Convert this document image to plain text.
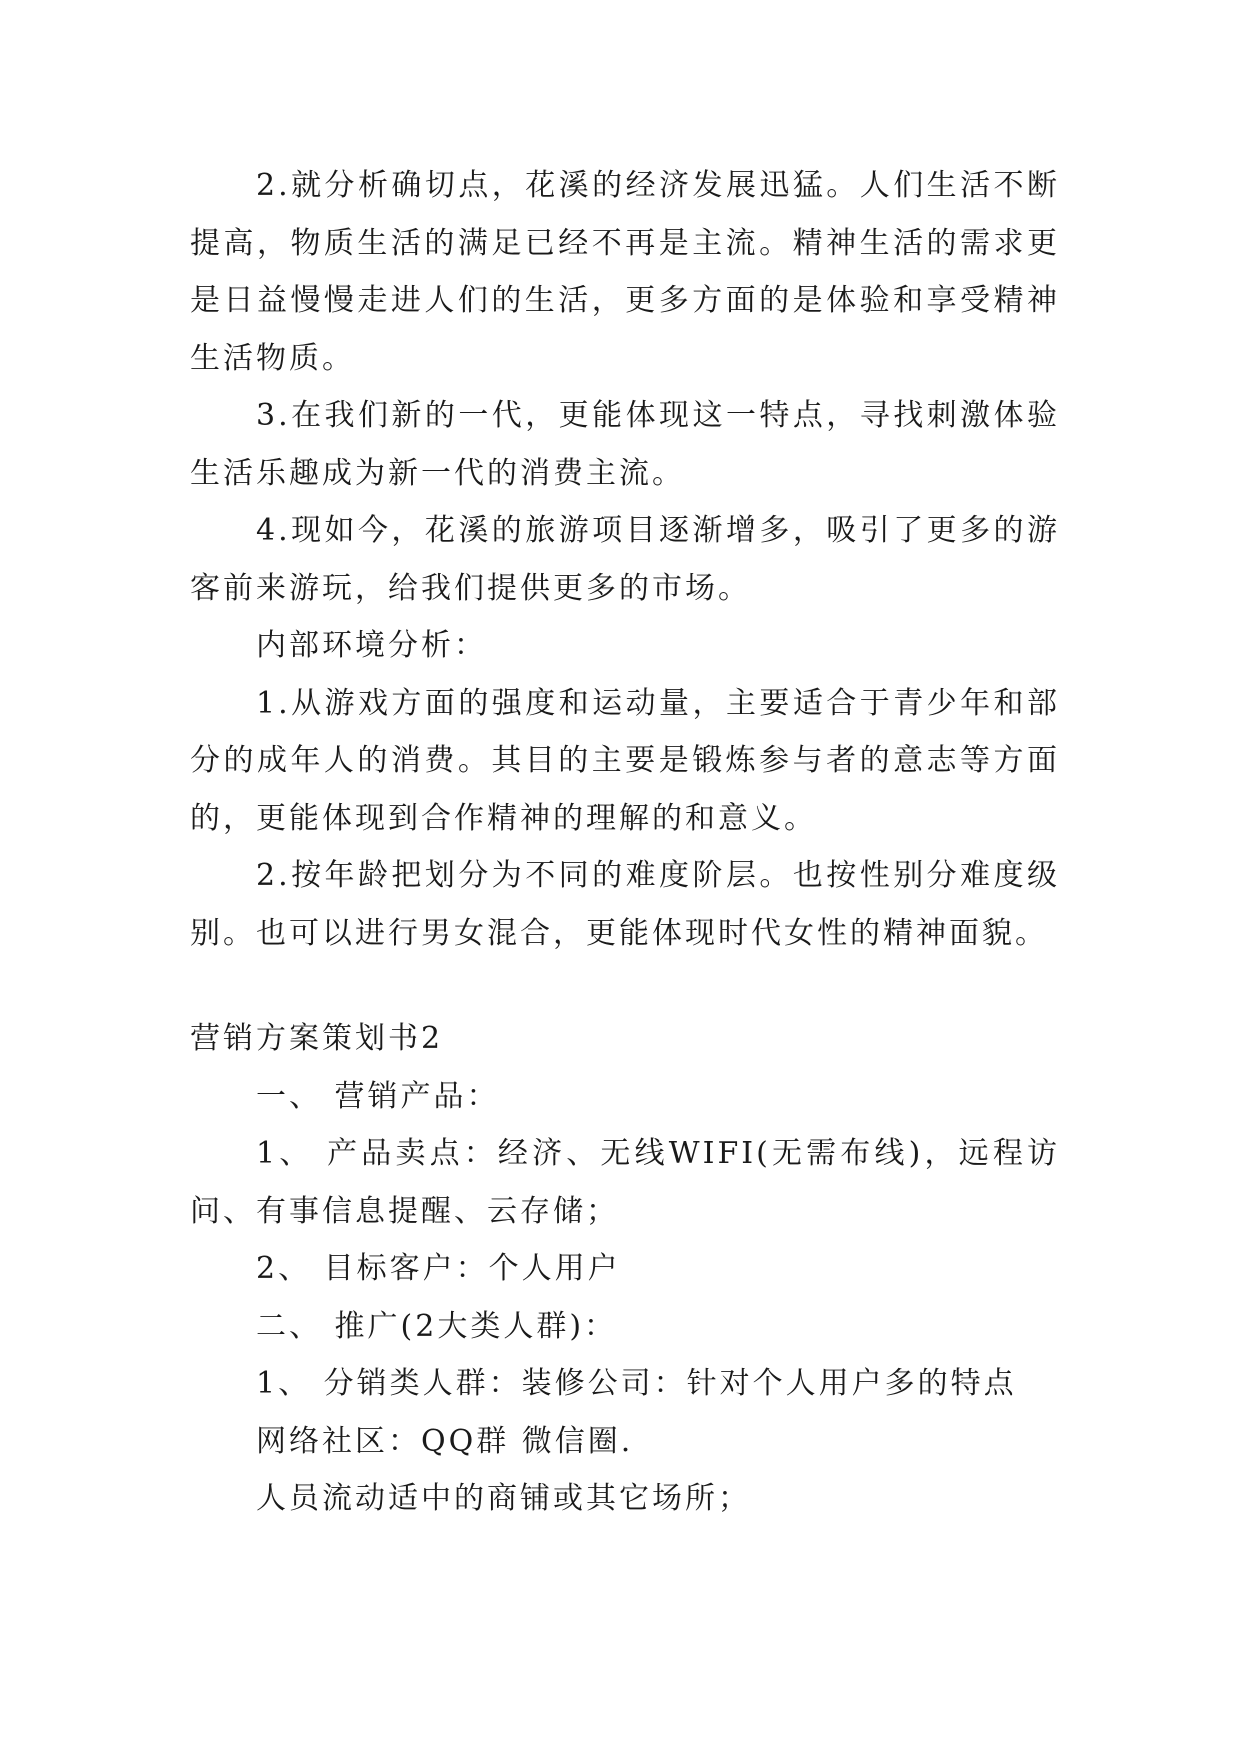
2.就分析确切点，花溪的经济发展迅猛。人们生活不断提高，物质生活的满足已经不再是主流。精神生活的需求更是日益慢慢走进人们的生活，更多方面的是体验和享受精神生活物质。

3.在我们新的一代，更能体现这一特点，寻找刺激体验生活乐趣成为新一代的消费主流。

4.现如今，花溪的旅游项目逐渐增多，吸引了更多的游客前来游玩，给我们提供更多的市场。

内部环境分析：

1.从游戏方面的强度和运动量，主要适合于青少年和部分的成年人的消费。其目的主要是锻炼参与者的意志等方面的，更能体现到合作精神的理解的和意义。

2.按年龄把划分为不同的难度阶层。也按性别分难度级别。也可以进行男女混合，更能体现时代女性的精神面貌。

营销方案策划书2

一、 营销产品：

1、 产品卖点：经济、无线WIFI(无需布线)，远程访问、有事信息提醒、云存储；

2、 目标客户：个人用户

二、 推广(2大类人群)：

1、 分销类人群：装修公司：针对个人用户多的特点

网络社区：QQ群 微信圈.

人员流动适中的商铺或其它场所；
